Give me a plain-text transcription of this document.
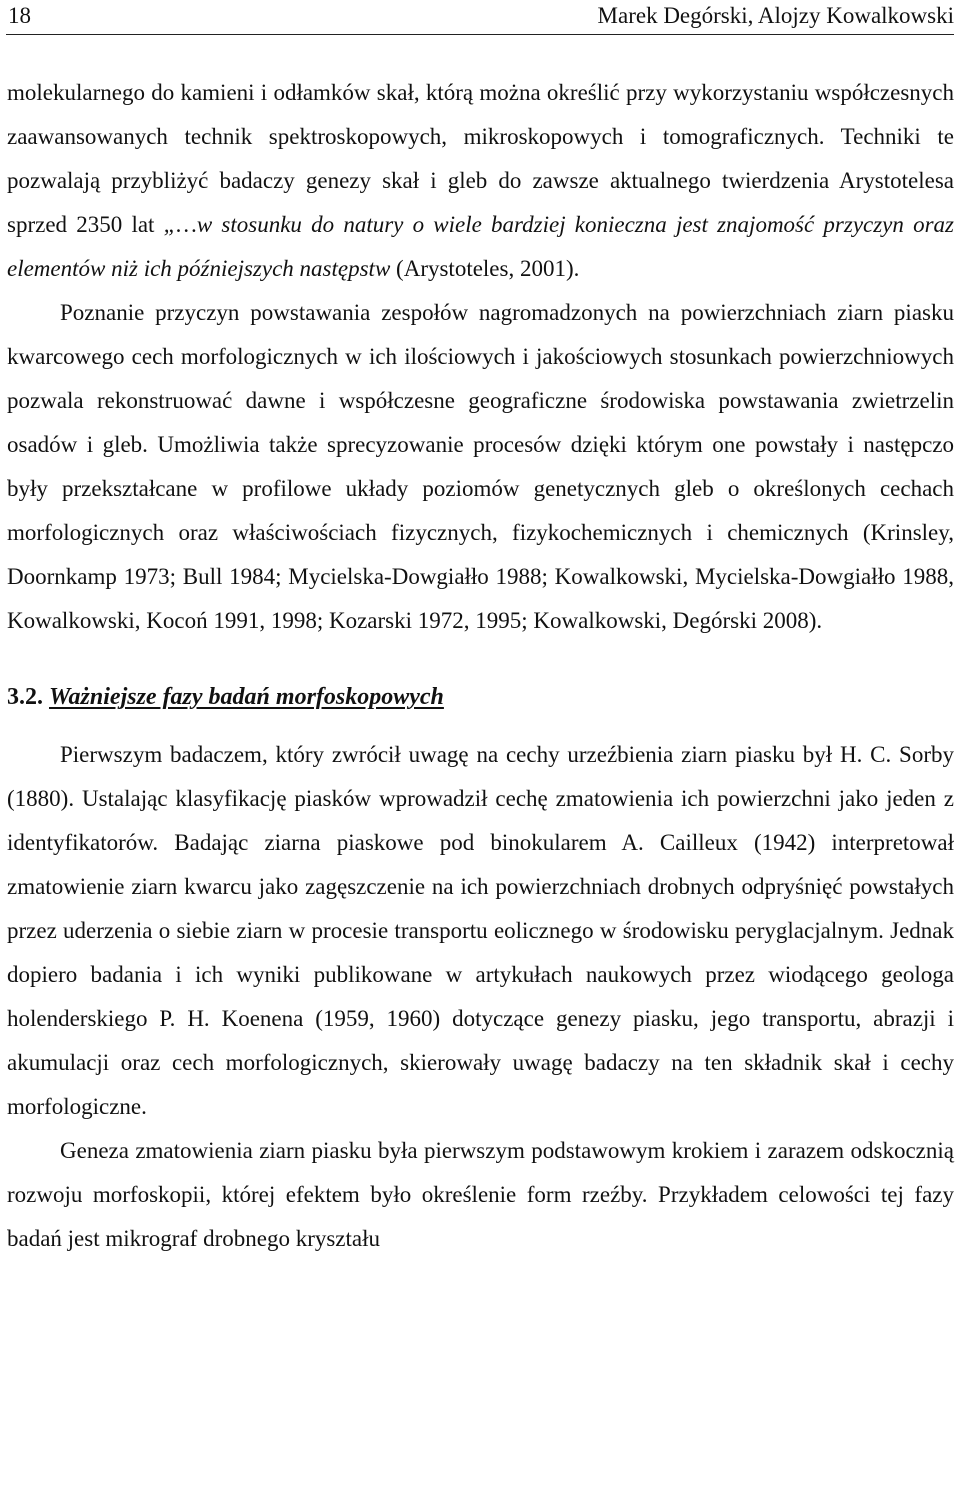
18	Marek Degórski, Alojzy Kowalkowski

molekularnego do kamieni i odłamków skał, którą można określić przy wykorzystaniu współczesnych zaawansowanych technik spektroskopowych, mikroskopowych i tomograficznych. Techniki te pozwalają przybliżyć badaczy genezy skał i gleb do zawsze aktualnego twierdzenia Arystotelesa sprzed 2350 lat „…w stosunku do natury o wiele bardziej konieczna jest znajomość przyczyn oraz elementów niż ich późniejszych następstw (Arystoteles, 2001).

Poznanie przyczyn powstawania zespołów nagromadzonych na powierzchniach ziarn piasku kwarcowego cech morfologicznych w ich ilościowych i jakościowych stosunkach powierzchniowych pozwala rekonstruować dawne i współczesne geograficzne środowiska powstawania zwietrzelin osadów i gleb. Umożliwia także sprecyzowanie procesów dzięki którym one powstały i następczo były przekształcane w profilowe układy poziomów genetycznych gleb o określonych cechach morfologicznych oraz właściwościach fizycznych, fizykochemicznych i chemicznych (Krinsley, Doornkamp 1973; Bull 1984; Mycielska-Dowgiałło 1988; Kowalkowski, Mycielska-Dowgiałło 1988, Kowalkowski, Kocoń 1991, 1998; Kozarski 1972, 1995; Kowalkowski, Degórski 2008).

3.2. Ważniejsze fazy badań morfoskopowych

Pierwszym badaczem, który zwrócił uwagę na cechy urzeźbienia ziarn piasku był H. C. Sorby (1880). Ustalając klasyfikację piasków wprowadził cechę zmatowienia ich powierzchni jako jeden z identyfikatorów. Badając ziarna piaskowe pod binokularem A. Cailleux (1942) interpretował zmatowienie ziarn kwarcu jako zagęszczenie na ich powierzchniach drobnych odpryśnięć powstałych przez uderzenia o siebie ziarn w procesie transportu eolicznego w środowisku peryglacjalnym. Jednak dopiero badania i ich wyniki publikowane w artykułach naukowych przez wiodącego geologa holenderskiego P. H. Koenena (1959, 1960) dotyczące genezy piasku, jego transportu, abrazji i akumulacji oraz cech morfologicznych, skierowały uwagę badaczy na ten składnik skał i cechy morfologiczne.

Geneza zmatowienia ziarn piasku była pierwszym podstawowym krokiem i zarazem odskocznią rozwoju morfoskopii, której efektem było określenie form rzeźby. Przykładem celowości tej fazy badań jest mikrograf drobnego kryształu
